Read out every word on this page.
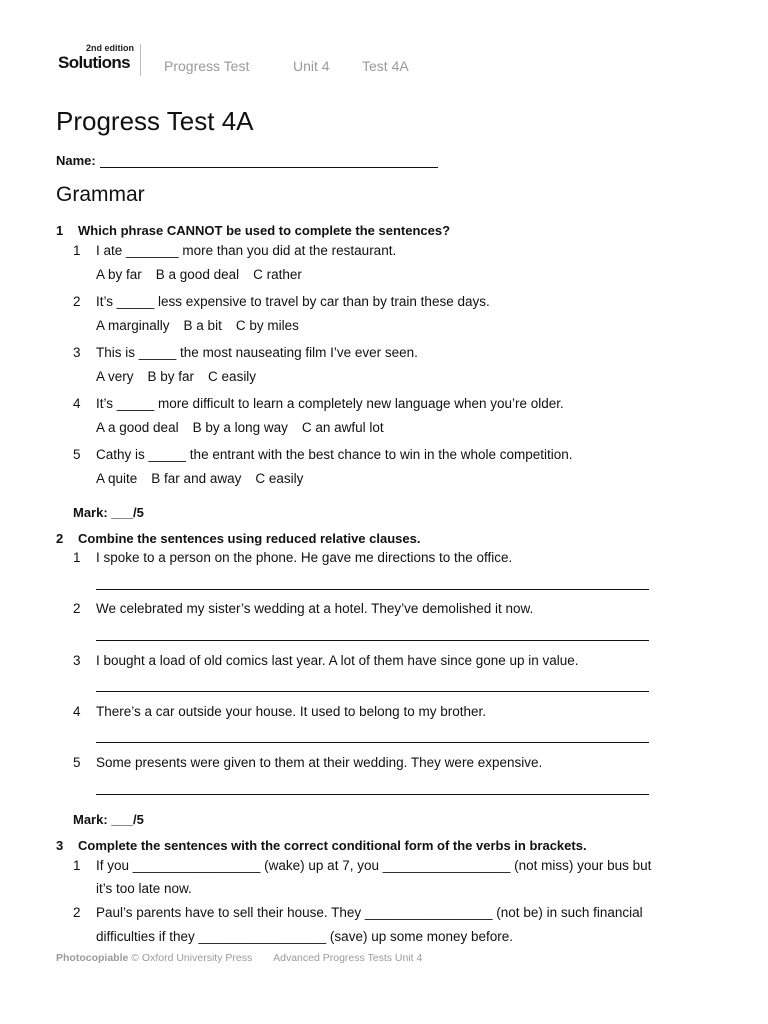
2nd edition
Solutions Progress Test	Unit 4 Test 4A
Progress Test 4A
Name:
Grammar
1 Which phrase CANNOT be used to complete the sentences?
1 I ate _______ more than you did at the restaurant.
A by far B a good deal C rather
2 It’s _____ less expensive to travel by car than by train these days.
A marginally B a bit C by miles
3 This is _____ the most nauseating film I’ve ever seen.
A very B by far C easily
4 It’s _____ more difficult to learn a completely new language when you’re older.
A a good deal B by a long way C an awful lot
5 Cathy is _____ the entrant with the best chance to win in the whole competition.
A quite B far and away C easily
Mark: ___/5
2 Combine the sentences using reduced relative clauses.
1 I spoke to a person on the phone. He gave me directions to the office.
2 We celebrated my sister’s wedding at a hotel. They’ve demolished it now.
3 I bought a load of old comics last year. A lot of them have since gone up in value.
4 There’s a car outside your house. It used to belong to my brother.
5 Some presents were given to them at their wedding. They were expensive.
Mark: ___/5
3 Complete the sentences with the correct conditional form of the verbs in brackets.
1 If you _________________ (wake) up at 7, you _________________ (not miss) your bus but
it’s too late now.
2 Paul’s parents have to sell their house. They _________________ (not be) in such financial
difficulties if they _________________ (save) up some money before.
Photocopiable © Oxford University Press Advanced Progress Tests Unit 4
